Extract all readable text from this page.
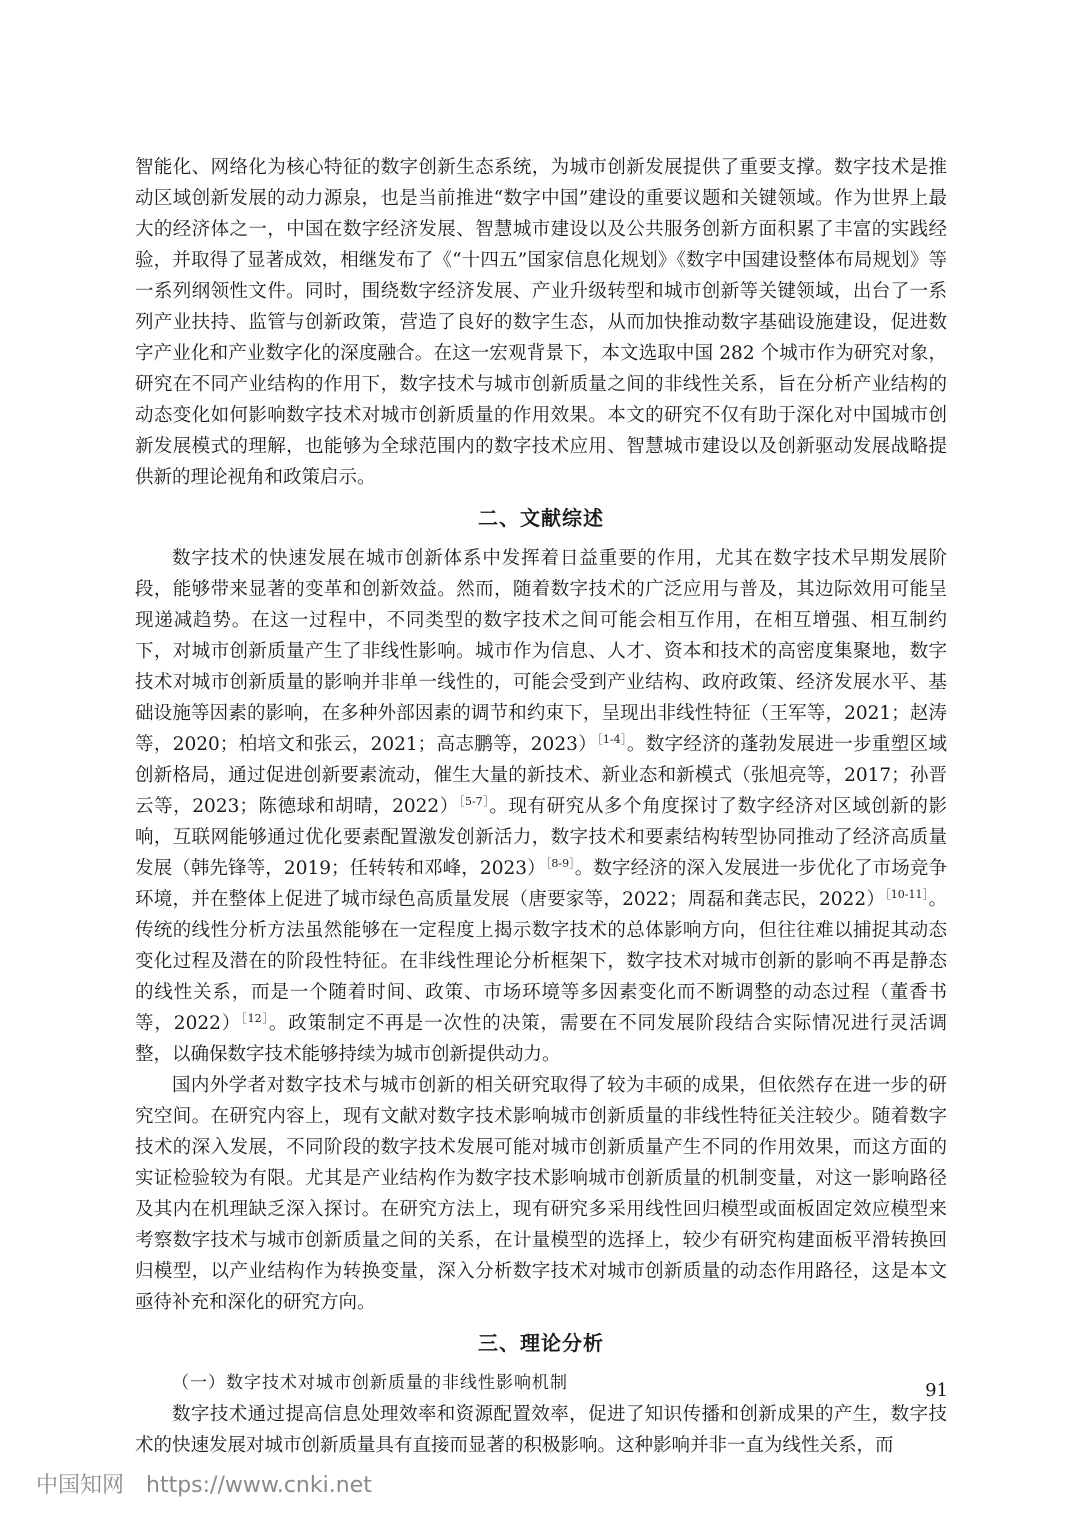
智能化、网络化为核心特征的数字创新生态系统，为城市创新发展提供了重要支撑。数字技术是推动区域创新发展的动力源泉，也是当前推进“数字中国”建设的重要议题和关键领域。作为世界上最大的经济体之一，中国在数字经济发展、智慧城市建设以及公共服务创新方面积累了丰富的实践经验，并取得了显著成效，相继发布了《“十四五”国家信息化规划》《数字中国建设整体布局规划》等一系列纲领性文件。同时，围绕数字经济发展、产业升级转型和城市创新等关键领域，出台了一系列产业扶持、监管与创新政策，营造了良好的数字生态，从而加快推动数字基础设施建设，促进数字产业化和产业数字化的深度融合。在这一宏观背景下，本文选取中国 282 个城市作为研究对象，研究在不同产业结构的作用下，数字技术与城市创新质量之间的非线性关系，旨在分析产业结构的动态变化如何影响数字技术对城市创新质量的作用效果。本文的研究不仅有助于深化对中国城市创新发展模式的理解，也能够为全球范围内的数字技术应用、智慧城市建设以及创新驱动发展战略提供新的理论视角和政策启示。

二、文献综述

数字技术的快速发展在城市创新体系中发挥着日益重要的作用，尤其在数字技术早期发展阶段，能够带来显著的变革和创新效益。然而，随着数字技术的广泛应用与普及，其边际效用可能呈现递减趋势。在这一过程中，不同类型的数字技术之间可能会相互作用，在相互增强、相互制约下，对城市创新质量产生了非线性影响。城市作为信息、人才、资本和技术的高密度集聚地，数字技术对城市创新质量的影响并非单一线性的，可能会受到产业结构、政府政策、经济发展水平、基础设施等因素的影响，在多种外部因素的调节和约束下，呈现出非线性特征（王军等，2021；赵涛等，2020；柏培文和张云，2021；高志鹏等，2023）$^{[1-4]}$。数字经济的蓬勃发展进一步重塑区域创新格局，通过促进创新要素流动，催生大量的新技术、新业态和新模式（张旭亮等，2017；孙晋云等，2023；陈德球和胡晴，2022）$^{[5-7]}$。现有研究从多个角度探讨了数字经济对区域创新的影响，互联网能够通过优化要素配置激发创新活力，数字技术和要素结构转型协同推动了经济高质量发展（韩先锋等，2019；任转转和邓峰，2023）$^{[8-9]}$。数字经济的深入发展进一步优化了市场竞争环境，并在整体上促进了城市绿色高质量发展（唐要家等，2022；周磊和龚志民，2022）$^{[10-11]}$。传统的线性分析方法虽然能够在一定程度上揭示数字技术的总体影响方向，但往往难以捕捉其动态变化过程及潜在的阶段性特征。在非线性理论分析框架下，数字技术对城市创新的影响不再是静态的线性关系，而是一个随着时间、政策、市场环境等多因素变化而不断调整的动态过程（董香书等，2022）$^{[12]}$。政策制定不再是一次性的决策，需要在不同发展阶段结合实际情况进行灵活调整，以确保数字技术能够持续为城市创新提供动力。

国内外学者对数字技术与城市创新的相关研究取得了较为丰硕的成果，但依然存在进一步的研究空间。在研究内容上，现有文献对数字技术影响城市创新质量的非线性特征关注较少。随着数字技术的深入发展，不同阶段的数字技术发展可能对城市创新质量产生不同的作用效果，而这方面的实证检验较为有限。尤其是产业结构作为数字技术影响城市创新质量的机制变量，对这一影响路径及其内在机理缺乏深入探讨。在研究方法上，现有研究多采用线性回归模型或面板固定效应模型来考察数字技术与城市创新质量之间的关系，在计量模型的选择上，较少有研究构建面板平滑转换回归模型，以产业结构作为转换变量，深入分析数字技术对城市创新质量的动态作用路径，这是本文亟待补充和深化的研究方向。

三、理论分析
（一）数字技术对城市创新质量的非线性影响机制

数字技术通过提高信息处理效率和资源配置效率，促进了知识传播和创新成果的产生，数字技术的快速发展对城市创新质量具有直接而显著的积极影响。这种影响并非一直为线性关系，而

91
中国知网 https://www.cnki.net
